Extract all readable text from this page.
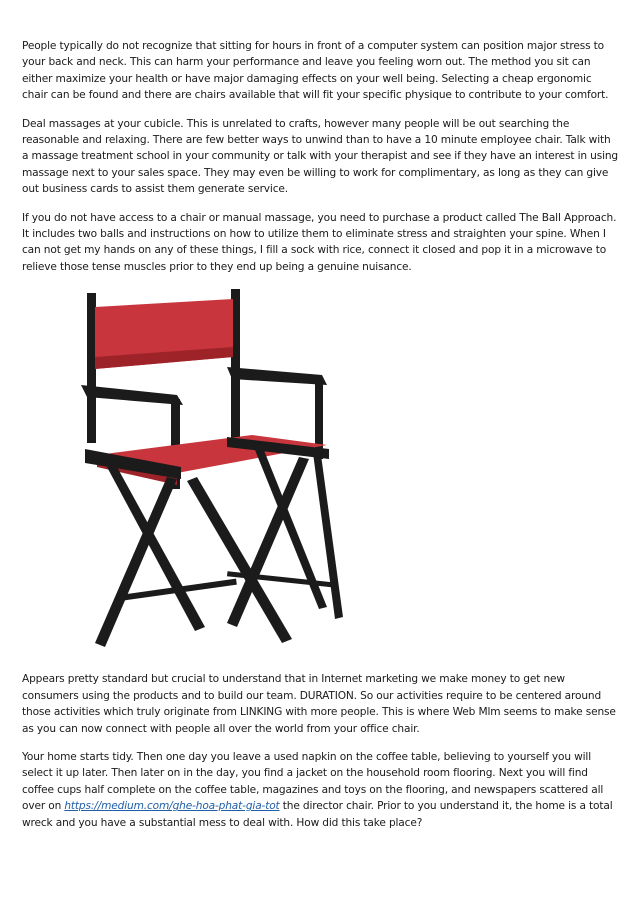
People typically do not recognize that sitting for hours in front of a computer system can position major stress to your back and neck. This can harm your performance and leave you feeling worn out. The method you sit can either maximize your health or have major damaging effects on your well being. Selecting a cheap ergonomic chair can be found and there are chairs available that will fit your specific physique to contribute to your comfort.

Deal massages at your cubicle. This is unrelated to crafts, however many people will be out searching the reasonable and relaxing. There are few better ways to unwind than to have a 10 minute employee chair. Talk with a massage treatment school in your community or talk with your therapist and see if they have an interest in using massage next to your sales space. They may even be willing to work for complimentary, as long as they can give out business cards to assist them generate service.

If you do not have access to a chair or manual massage, you need to purchase a product called The Ball Approach. It includes two balls and instructions on how to utilize them to eliminate stress and straighten your spine. When I can not get my hands on any of these things, I fill a sock with rice, connect it closed and pop it in a microwave to relieve those tense muscles prior to they end up being a genuine nuisance.

Appears pretty standard but crucial to understand that in Internet marketing we make money to get new consumers using the products and to build our team. DURATION. So our activities require to be centered around those activities which truly originate from LINKING with more people. This is where Web Mlm seems to make sense as you can now connect with people all over the world from your office chair.

Your home starts tidy. Then one day you leave a used napkin on the coffee table, believing to yourself you will select it up later. Then later on in the day, you find a jacket on the household room flooring. Next you will find coffee cups half complete on the coffee table, magazines and toys on the flooring, and newspapers scattered all over on https://medium.com/ghe-hoa-phat-gia-tot the director chair. Prior to you understand it, the home is a total wreck and you have a substantial mess to deal with. How did this take place?
